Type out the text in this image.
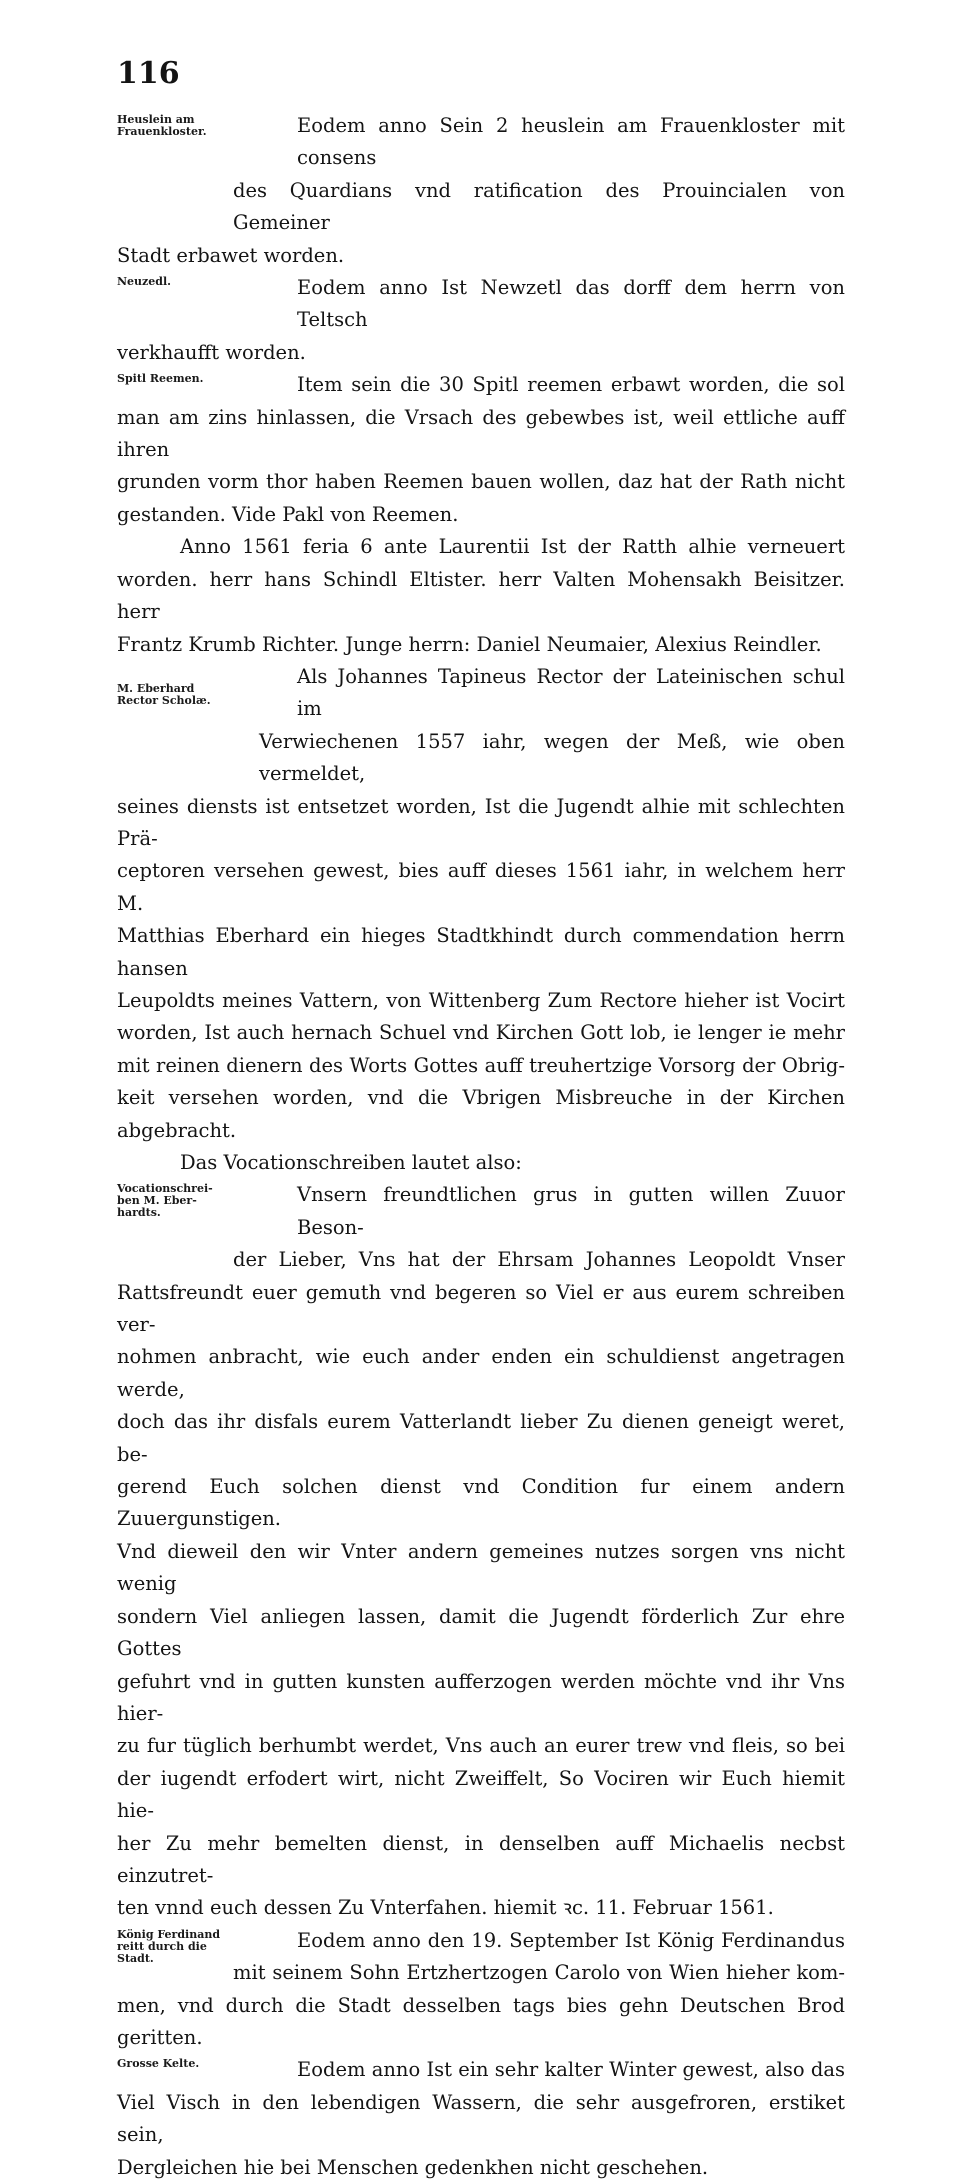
116
Heuslein am
Frauenkloster.	Eodem anno Sein 2 heuslein am Frauenkloster mit consens
des Quardians vnd ratification des Prouincialen von Gemeiner
Stadt erbawet worden.
Neuzedl.	Eodem anno Ist Newzetl das dorff dem herrn von Teltsch
verkhaufft worden.
Spitl Reemen.	Item sein die 30 Spitl reemen erbawt worden, die sol
man am zins hinlassen, die Vrsach des gebewbes ist, weil ettliche auff ihren
grunden vorm thor haben Reemen bauen wollen, daz hat der Rath nicht
gestanden. Vide Pakl von Reemen.
Anno 1561 feria 6 ante Laurentii Ist der Ratth alhie verneuert
worden. herr hans Schindl Eltister. herr Valten Mohensakh Beisitzer. herr
Frantz Krumb Richter. Junge herrn: Daniel Neumaier, Alexius Reindler.
M. Eberhard
Rector Scholæ.
Als Johannes Tapineus Rector der Lateinischen schul im
Verwiechenen 1557 iahr, wegen der Meß, wie oben vermeldet,
seines diensts ist entsetzet worden, Ist die Jugendt alhie mit schlechten Prä-
ceptoren versehen gewest, bies auff dieses 1561 iahr, in welchem herr M.
Matthias Eberhard ein hieges Stadtkhindt durch commendation herrn hansen
Leupoldts meines Vattern, von Wittenberg Zum Rectore hieher ist Vocirt
worden, Ist auch hernach Schuel vnd Kirchen Gott lob, ie lenger ie mehr
mit reinen dienern des Worts Gottes auff treuhertzige Vorsorg der Obrig-
keit versehen worden, vnd die Vbrigen Misbreuche in der Kirchen abgebracht.
Das Vocationschreiben lautet also:
Vocationschrei-
ben M. Eber-
hardts.
Vnsern freundtlichen grus in gutten willen Zuuor Beson-
der Lieber, Vns hat der Ehrsam Johannes Leopoldt Vnser
Rattsfreundt euer gemuth vnd begeren so Viel er aus eurem schreiben ver-
nohmen anbracht, wie euch ander enden ein schuldienst angetragen werde,
doch das ihr disfals eurem Vatterlandt lieber Zu dienen geneigt weret, be-
gerend Euch solchen dienst vnd Condition fur einem andern Zuuergunstigen.
Vnd dieweil den wir Vnter andern gemeines nutzes sorgen vns nicht wenig
sondern Viel anliegen lassen, damit die Jugendt förderlich Zur ehre Gottes
gefuhrt vnd in gutten kunsten aufferzogen werden möchte vnd ihr Vns hier-
zu fur tüglich berhumbt werdet, Vns auch an eurer trew vnd fleis, so bei
der iugendt erfodert wirt, nicht Zweiffelt, So Vociren wir Euch hiemit hie-
her Zu mehr bemelten dienst, in denselben auff Michaelis necbst einzutret-
ten vnnd euch dessen Zu Vnterfahen. hiemit ꝛc. 11. Februar 1561.
König Ferdinand
reitt durch die
Stadt.
Eodem anno den 19. September Ist König Ferdinandus
mit seinem Sohn Ertzhertzogen Carolo von Wien hieher kom-
men, vnd durch die Stadt desselben tags bies gehn Deutschen Brod geritten.
Grosse Kelte.	Eodem anno Ist ein sehr kalter Winter gewest, also das
Viel Visch in den lebendigen Wassern, die sehr ausgefroren, erstiket sein,
Dergleichen hie bei Menschen gedenkhen nicht geschehen.
